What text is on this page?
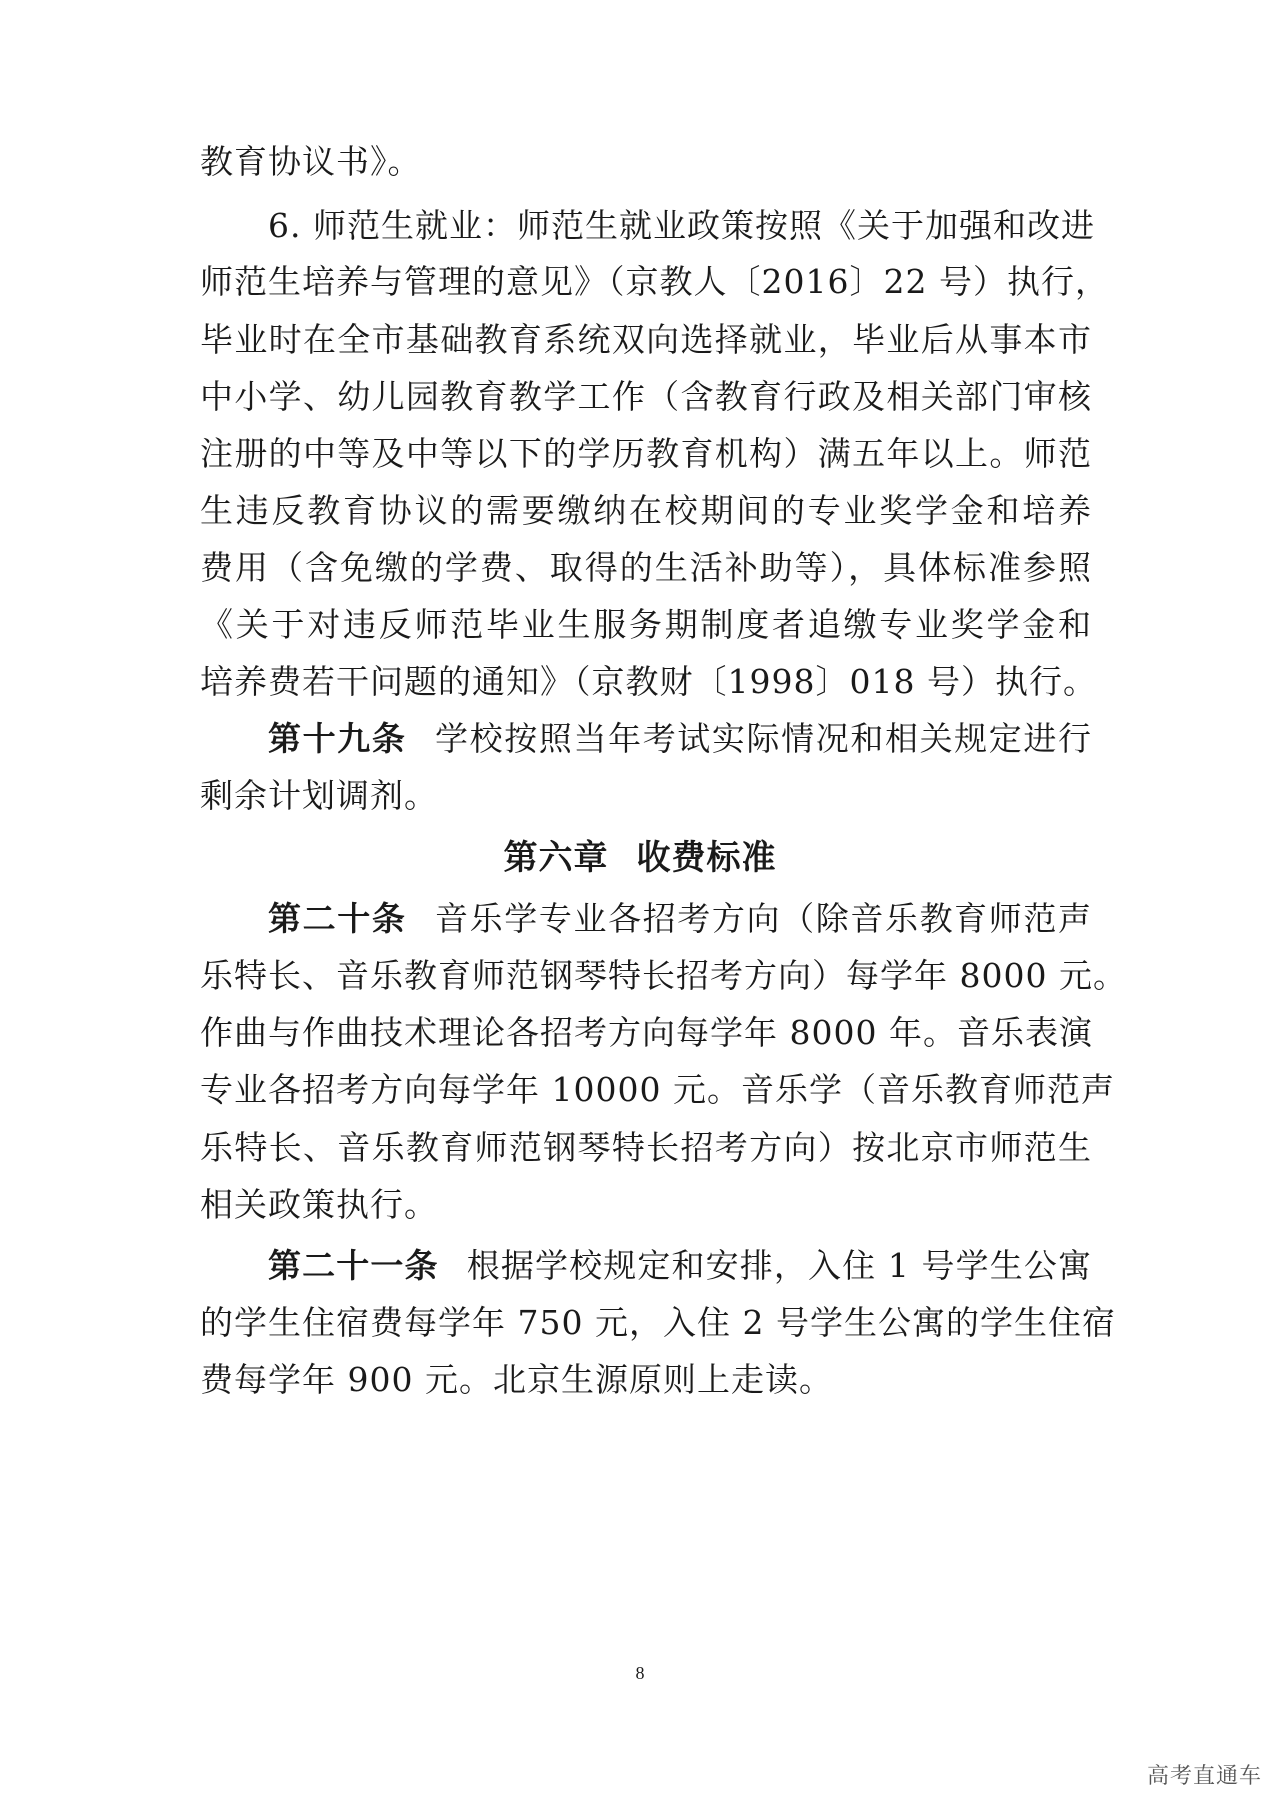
教育协议书》。
6. 师范生就业：师范生就业政策按照《关于加强和改进
师范生培养与管理的意见》（京教人〔2016〕22 号）执行，
毕业时在全市基础教育系统双向选择就业，毕业后从事本市
中小学、幼儿园教育教学工作（含教育行政及相关部门审核
注册的中等及中等以下的学历教育机构）满五年以上。师范
生违反教育协议的需要缴纳在校期间的专业奖学金和培养
费用（含免缴的学费、取得的生活补助等），具体标准参照
《关于对违反师范毕业生服务期制度者追缴专业奖学金和
培养费若干问题的通知》（京教财〔1998〕018 号）执行。
第十九条 学校按照当年考试实际情况和相关规定进行
剩余计划调剂。
第六章 收费标准
第二十条 音乐学专业各招考方向（除音乐教育师范声
乐特长、音乐教育师范钢琴特长招考方向）每学年 8000 元。
作曲与作曲技术理论各招考方向每学年 8000 年。音乐表演
专业各招考方向每学年 10000 元。音乐学（音乐教育师范声
乐特长、音乐教育师范钢琴特长招考方向）按北京市师范生
相关政策执行。
第二十一条 根据学校规定和安排，入住 1 号学生公寓
的学生住宿费每学年 750 元，入住 2 号学生公寓的学生住宿
费每学年 900 元。北京生源原则上走读。
8
高考直通车
